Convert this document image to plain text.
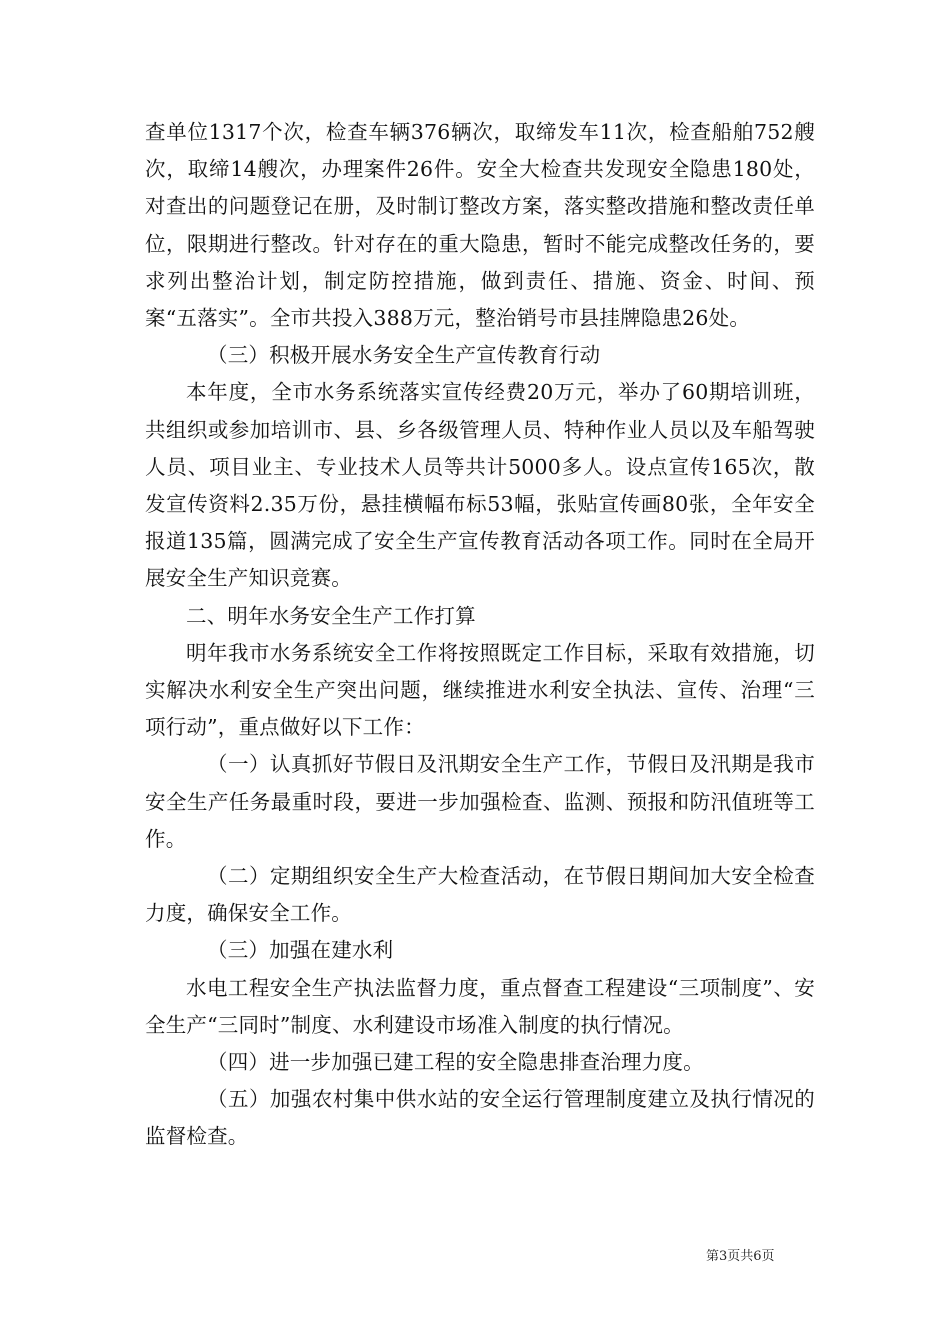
查单位1317个次，检查车辆376辆次，取缔发车11次，检查船舶752艘次，取缔14艘次，办理案件26件。安全大检查共发现安全隐患180处，对查出的问题登记在册，及时制订整改方案，落实整改措施和整改责任单位，限期进行整改。针对存在的重大隐患，暂时不能完成整改任务的，要求列出整治计划，制定防控措施，做到责任、措施、资金、时间、预案“五落实”。全市共投入388万元，整治销号市县挂牌隐患26处。

（三）积极开展水务安全生产宣传教育行动

本年度，全市水务系统落实宣传经费20万元，举办了60期培训班，共组织或参加培训市、县、乡各级管理人员、特种作业人员以及车船驾驶人员、项目业主、专业技术人员等共计5000多人。设点宣传165次，散发宣传资料2.35万份，悬挂横幅布标53幅，张贴宣传画80张，全年安全报道135篇，圆满完成了安全生产宣传教育活动各项工作。同时在全局开展安全生产知识竞赛。

二、明年水务安全生产工作打算

明年我市水务系统安全工作将按照既定工作目标，采取有效措施，切实解决水利安全生产突出问题，继续推进水利安全执法、宣传、治理“三项行动”，重点做好以下工作：

（一）认真抓好节假日及汛期安全生产工作，节假日及汛期是我市安全生产任务最重时段，要进一步加强检查、监测、预报和防汛值班等工作。

（二）定期组织安全生产大检查活动，在节假日期间加大安全检查力度，确保安全工作。

（三）加强在建水利

水电工程安全生产执法监督力度，重点督查工程建设“三项制度”、安全生产“三同时”制度、水利建设市场准入制度的执行情况。

（四）进一步加强已建工程的安全隐患排查治理力度。

（五）加强农村集中供水站的安全运行管理制度建立及执行情况的监督检查。

第3页共6页
